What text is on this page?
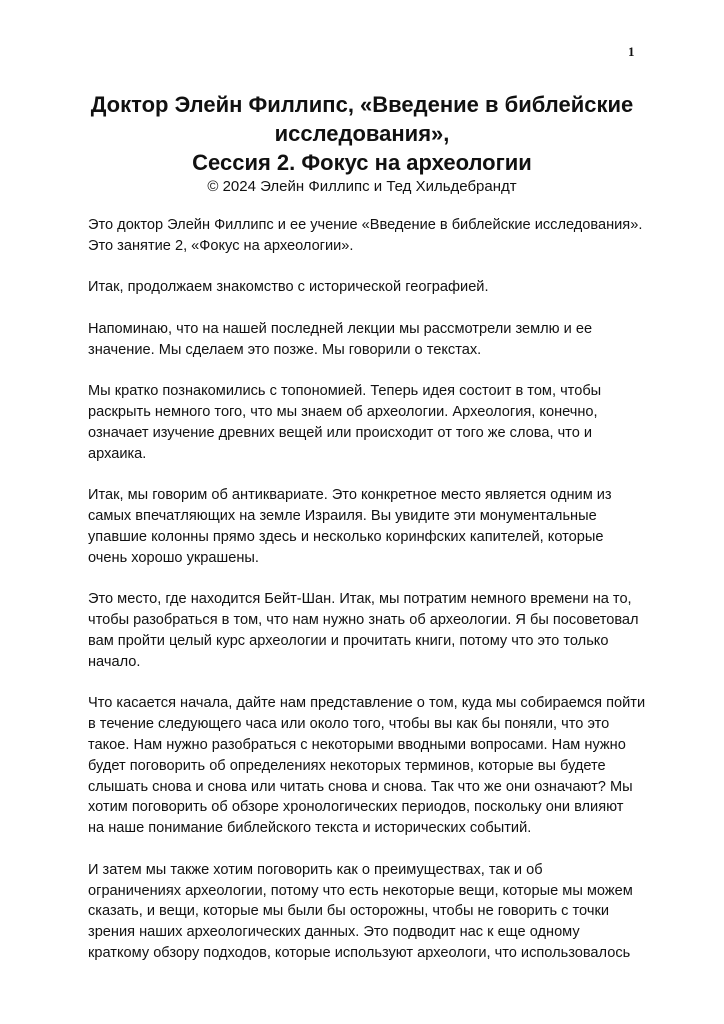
1

Доктор Элейн Филлипс, «Введение в библейские

исследования»,

Сессия 2. Фокус на археологии

© 2024 Элейн Филлипс и Тед Хильдебрандт

Это доктор Элейн Филлипс и ее учение «Введение в библейские исследования».
Это занятие 2, «Фокус на археологии».

Итак, продолжаем знакомство с исторической географией.

Напоминаю, что на нашей последней лекции мы рассмотрели землю и ее
значение. Мы сделаем это позже. Мы говорили о текстах.

Мы кратко познакомились с топономией. Теперь идея состоит в том, чтобы
раскрыть немного того, что мы знаем об археологии. Археология, конечно,
означает изучение древних вещей или происходит от того же слова, что и
архаика.

Итак, мы говорим об антиквариате. Это конкретное место является одним из
самых впечатляющих на земле Израиля. Вы увидите эти монументальные
упавшие колонны прямо здесь и несколько коринфских капителей, которые
очень хорошо украшены.

Это место, где находится Бейт-Шан. Итак, мы потратим немного времени на то,
чтобы разобраться в том, что нам нужно знать об археологии. Я бы посоветовал
вам пройти целый курс археологии и прочитать книги, потому что это только
начало.

Что касается начала, дайте нам представление о том, куда мы собираемся пойти
в течение следующего часа или около того, чтобы вы как бы поняли, что это
такое. Нам нужно разобраться с некоторыми вводными вопросами. Нам нужно
будет поговорить об определениях некоторых терминов, которые вы будете
слышать снова и снова или читать снова и снова. Так что же они означают? Мы
хотим поговорить об обзоре хронологических периодов, поскольку они влияют
на наше понимание библейского текста и исторических событий.

И затем мы также хотим поговорить как о преимуществах, так и об
ограничениях археологии, потому что есть некоторые вещи, которые мы можем
сказать, и вещи, которые мы были бы осторожны, чтобы не говорить с точки
зрения наших археологических данных. Это подводит нас к еще одному
краткому обзору подходов, которые используют археологи, что использовалось
